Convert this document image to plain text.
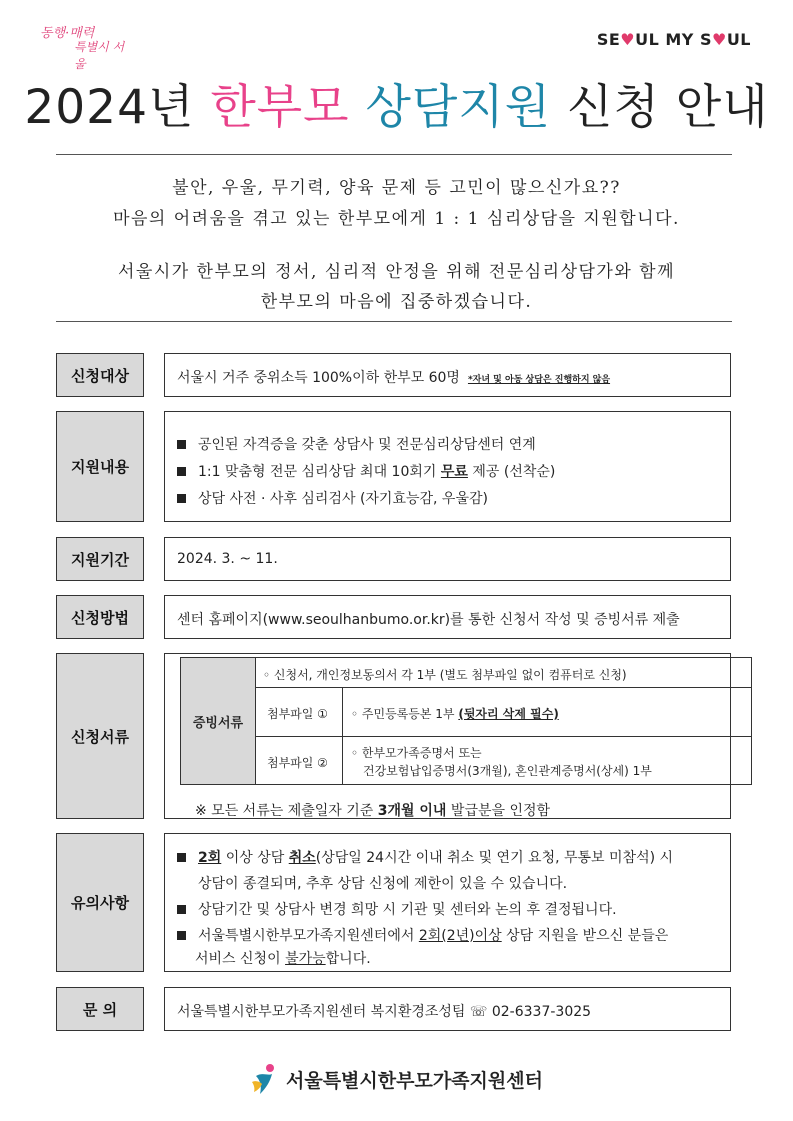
동행·매력
특별시 서울
SE♥UL MY S♥UL
2024년 한부모 상담지원 신청 안내
불안, 우울, 무기력, 양육 문제 등 고민이 많으신가요??
마음의 어려움을 겪고 있는 한부모에게 1 : 1 심리상담을 지원합니다.
서울시가 한부모의 정서, 심리적 안정을 위해 전문심리상담가와 함께
한부모의 마음에 집중하겠습니다.
신청대상	서울시 거주 중위소득 100%이하 한부모 60명 *자녀 및 아동 상담은 진행하지 않음
지원내용
공인된 자격증을 갖춘 상담사 및 전문심리상담센터 연계
1:1 맞춤형 전문 심리상담 최대 10회기 무료 제공 (선착순)
상담 사전 · 사후 심리검사 (자기효능감, 우울감)
지원기간	2024. 3. ~ 11.
신청방법	센터 홈페이지(www.seoulhanbumo.or.kr)를 통한 신청서 작성 및 증빙서류 제출
신청서류
증빙서류
◦ 신청서, 개인정보동의서 각 1부 (별도 첨부파일 없이 컴퓨터로 신청)
첨부파일 ① ◦ 주민등록등본 1부 (뒷자리 삭제 필수)
첨부파일 ②
◦ 한부모가족증명서 또는
건강보험납입증명서(3개월), 혼인관계증명서(상세) 1부
※ 모든 서류는 제출일자 기준 3개월 이내 발급분을 인정함
유의사항
2회 이상 상담 취소(상담일 24시간 이내 취소 및 연기 요청, 무통보 미참석) 시
상담이 종결되며, 추후 상담 신청에 제한이 있을 수 있습니다.
상담기간 및 상담사 변경 희망 시 기관 및 센터와 논의 후 결정됩니다.
서울특별시한부모가족지원센터에서 2회(2년)이상 상담 지원을 받으신 분들은
서비스 신청이 불가능합니다.
문 의	서울특별시한부모가족지원센터 복지환경조성팀 ☏ 02-6337-3025
서울특별시한부모가족지원센터
